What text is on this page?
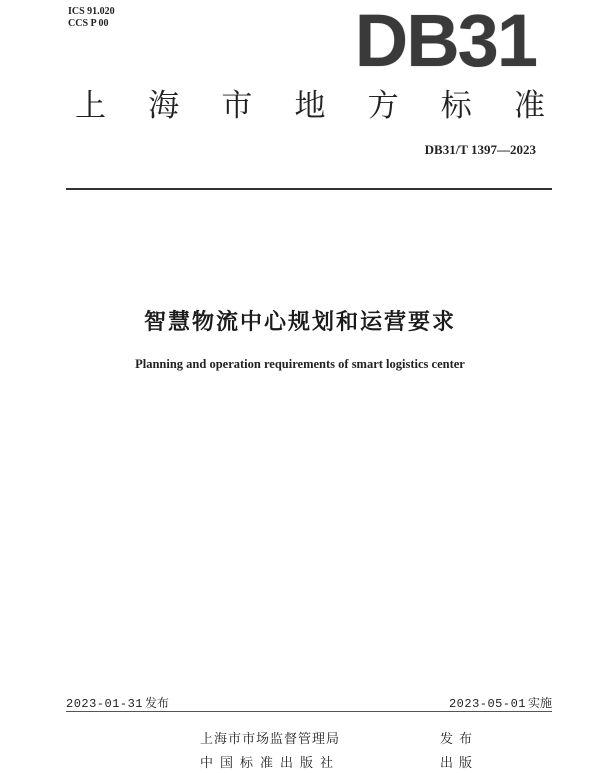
ICS 91.020
CCS P 00	DB31
上 海 市 地 方 标 准
DB31/T 1397—2023
智慧物流中心规划和运营要求
Planning and operation requirements of smart logistics center
2023-01-31 发布	2023-05-01 实施
上海市市场监督管理局	发布
中国标准出版社	出版
